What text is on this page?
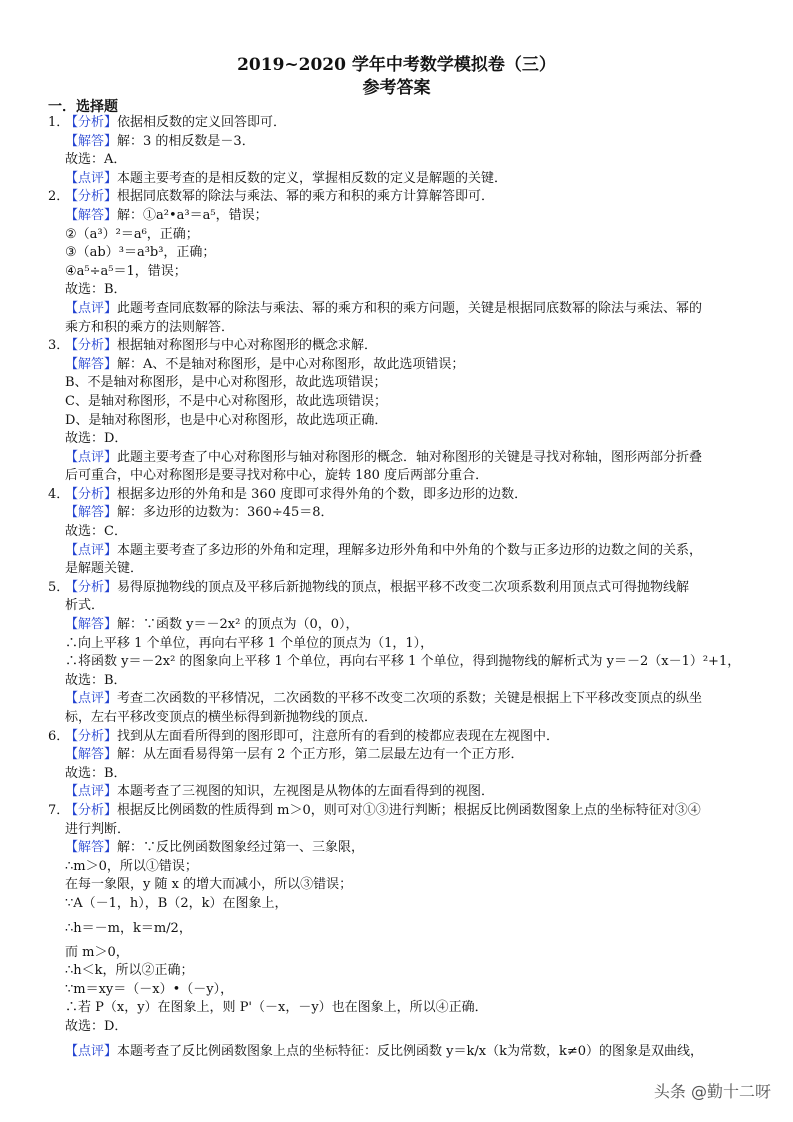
2019~2020 学年中考数学模拟卷（三）
参考答案
一．选择题
1．【分析】依据相反数的定义回答即可．
【解答】解：3 的相反数是－3．
故选：A．
【点评】本题主要考查的是相反数的定义，掌握相反数的定义是解题的关键．
2．【分析】根据同底数幂的除法与乘法、幂的乘方和积的乘方计算解答即可．
【解答】解：①a²•a³＝a⁵，错误；
②（a³）²＝a⁶，正确；
③（ab）³＝a³b³，正确；
④a⁵÷a⁵＝1，错误；
故选：B．
【点评】此题考查同底数幂的除法与乘法、幂的乘方和积的乘方问题，关键是根据同底数幂的除法与乘法、幂的
乘方和积的乘方的法则解答．
3．【分析】根据轴对称图形与中心对称图形的概念求解．
【解答】解：A、不是轴对称图形，是中心对称图形，故此选项错误；
B、不是轴对称图形，是中心对称图形，故此选项错误；
C、是轴对称图形，不是中心对称图形，故此选项错误；
D、是轴对称图形，也是中心对称图形，故此选项正确．
故选：D．
【点评】此题主要考查了中心对称图形与轴对称图形的概念．轴对称图形的关键是寻找对称轴，图形两部分折叠
后可重合，中心对称图形是要寻找对称中心，旋转 180 度后两部分重合．
4．【分析】根据多边形的外角和是 360 度即可求得外角的个数，即多边形的边数．
【解答】解：多边形的边数为：360÷45＝8．
故选：C．
【点评】本题主要考查了多边形的外角和定理，理解多边形外角和中外角的个数与正多边形的边数之间的关系，
是解题关键．
5．【分析】易得原抛物线的顶点及平移后新抛物线的顶点，根据平移不改变二次项系数利用顶点式可得抛物线解
析式．
【解答】解：∵函数 y＝－2x² 的顶点为（0，0），
∴向上平移 1 个单位，再向右平移 1 个单位的顶点为（1，1），
∴将函数 y＝－2x² 的图象向上平移 1 个单位，再向右平移 1 个单位，得到抛物线的解析式为 y＝－2（x－1）²+1，
故选：B．
【点评】考查二次函数的平移情况，二次函数的平移不改变二次项的系数；关键是根据上下平移改变顶点的纵坐
标，左右平移改变顶点的横坐标得到新抛物线的顶点．
6．【分析】找到从左面看所得到的图形即可，注意所有的看到的棱都应表现在左视图中．
【解答】解：从左面看易得第一层有 2 个正方形，第二层最左边有一个正方形．
故选：B．
【点评】本题考查了三视图的知识，左视图是从物体的左面看得到的视图．
7．【分析】根据反比例函数的性质得到 m＞0，则可对①③进行判断；根据反比例函数图象上点的坐标特征对③④
进行判断．
【解答】解：∵反比例函数图象经过第一、三象限，
∴m＞0，所以①错误；
在每一象限，y 随 x 的增大而减小，所以③错误；
∵A（－1，h），B（2，k）在图象上，
∴h＝－m，k＝m/2，
而 m＞0，
∴h＜k，所以②正确；
∵m＝xy＝（－x）•（－y），
∴若 P（x，y）在图象上，则 P'（－x，－y）也在图象上，所以④正确．
故选：D．
【点评】本题考查了反比例函数图象上点的坐标特征：反比例函数 y＝k/x（k为常数，k≠0）的图象是双曲线，
头条 @勤十二呀
